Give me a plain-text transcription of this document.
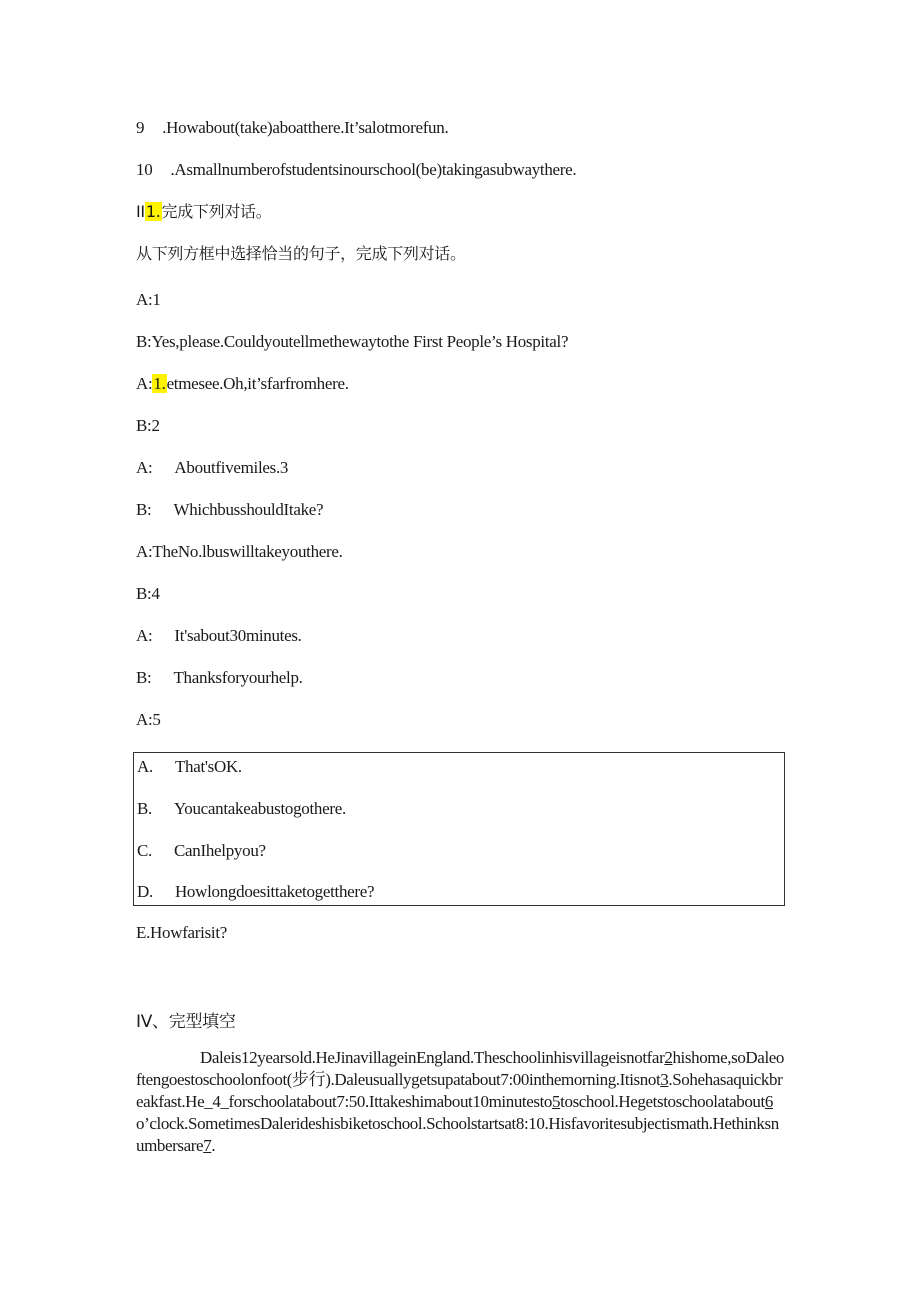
9 .Howabout(take)aboatthere.It’salotmorefun.
10 .Asmallnumberofstudentsinourschool(be)takingasubwaythere.
II1.完成下列对话。
从下列方框中选择恰当的句子，完成下列对话。
A:1
B:Yes,please.Couldyoutellmethewaytothe First People’s Hospital?
A:1.etmesee.Oh,it’sfarfromhere.
B:2
A: Aboutfivemiles.3
B: WhichbusshouldItake?
A:TheNo.lbuswilltakeyouthere.
B:4
A: It'sabout30minutes.
B: Thanksforyourhelp.
A:5
A. That'sOK.
B. Youcantakeabustogothere.
C. CanIhelpyou?
D. Howlongdoesittaketogetthere?
E.Howfarisit?
IV、完型填空
Daleis12yearsold.HeJinavillageinEngland.Theschoolinhisvillageisnotfar2hishome,soDaleoftengoestoschoolonfoot(步行).Daleusuallygetsupatabout7:00inthemorning.Itisnot3.Sohehasaquickbreakfast.He_4_forschoolatabout7:50.Ittakeshimabout10minutesto5toschool.Hegetstoschoolatabout6o’clock.SometimesDalerideshisbiketoschool.Schoolstartsat8:10.Hisfavoritesubjectismath.Hethinksnumbersare7.
